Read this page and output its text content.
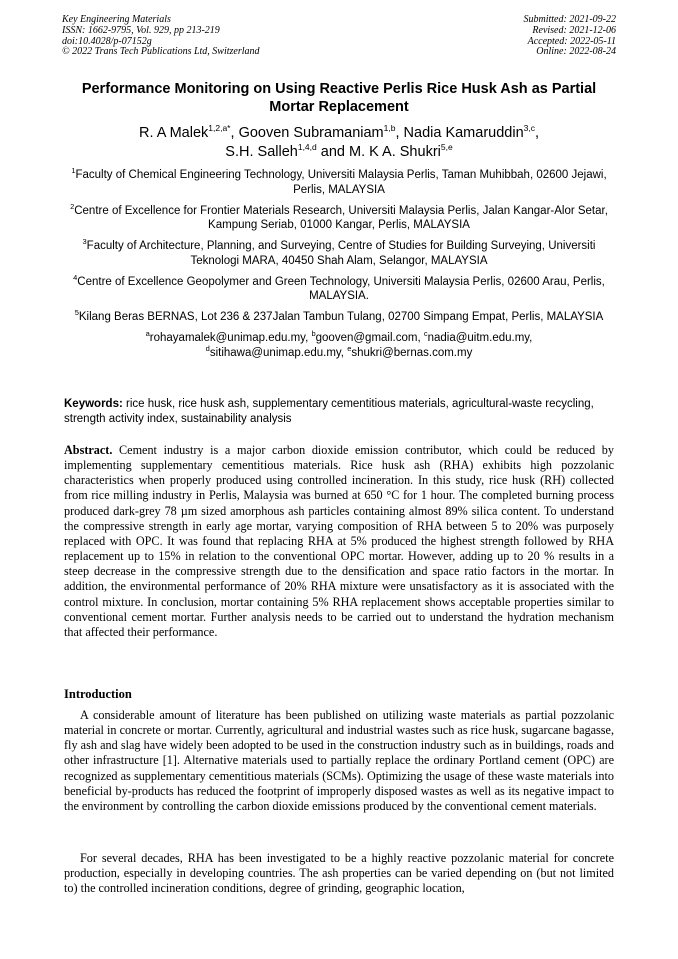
Key Engineering Materials
ISSN: 1662-9795, Vol. 929, pp 213-219
doi:10.4028/p-07152g
© 2022 Trans Tech Publications Ltd, Switzerland
Submitted: 2021-09-22
Revised: 2021-12-06
Accepted: 2022-05-11
Online: 2022-08-24
Performance Monitoring on Using Reactive Perlis Rice Husk Ash as Partial Mortar Replacement
R. A Malek$^{1,2,a*}$, Gooven Subramaniam$^{1,b}$, Nadia Kamaruddin$^{3,c}$,
S.H. Salleh$^{1,4,d}$ and M. K A. Shukri$^{5,e}$
$^1$Faculty of Chemical Engineering Technology, Universiti Malaysia Perlis, Taman Muhibbah, 02600 Jejawi, Perlis, MALAYSIA
$^2$Centre of Excellence for Frontier Materials Research, Universiti Malaysia Perlis, Jalan Kangar-Alor Setar, Kampung Seriab, 01000 Kangar, Perlis, MALAYSIA
$^3$Faculty of Architecture, Planning, and Surveying, Centre of Studies for Building Surveying, Universiti Teknologi MARA, 40450 Shah Alam, Selangor, MALAYSIA
$^4$Centre of Excellence Geopolymer and Green Technology, Universiti Malaysia Perlis, 02600 Arau, Perlis, MALAYSIA.
$^5$Kilang Beras BERNAS, Lot 236 & 237Jalan Tambun Tulang, 02700 Simpang Empat, Perlis, MALAYSIA
$^a$rohayamalek@unimap.edu.my, $^b$gooven@gmail.com, $^c$nadia@uitm.edu.my,
$^d$sitihawa@unimap.edu.my, $^e$shukri@bernas.com.my
Keywords: rice husk, rice husk ash, supplementary cementitious materials, agricultural-waste recycling, strength activity index, sustainability analysis
Abstract. Cement industry is a major carbon dioxide emission contributor, which could be reduced by implementing supplementary cementitious materials. Rice husk ash (RHA) exhibits high pozzolanic characteristics when properly produced using controlled incineration. In this study, rice husk (RH) collected from rice milling industry in Perlis, Malaysia was burned at 650 °C for 1 hour. The completed burning process produced dark-grey 78 µm sized amorphous ash particles containing almost 89% silica content. To understand the compressive strength in early age mortar, varying composition of RHA between 5 to 20% was purposely replaced with OPC. It was found that replacing RHA at 5% produced the highest strength followed by RHA replacement up to 15% in relation to the conventional OPC mortar. However, adding up to 20 % results in a steep decrease in the compressive strength due to the densification and space ratio factors in the mortar. In addition, the environmental performance of 20% RHA mixture were unsatisfactory as it is associated with the control mixture. In conclusion, mortar containing 5% RHA replacement shows acceptable properties similar to conventional cement mortar. Further analysis needs to be carried out to understand the hydration mechanism that affected their performance.
Introduction
A considerable amount of literature has been published on utilizing waste materials as partial pozzolanic material in concrete or mortar. Currently, agricultural and industrial wastes such as rice husk, sugarcane bagasse, fly ash and slag have widely been adopted to be used in the construction industry such as in buildings, roads and other infrastructure [1]. Alternative materials used to partially replace the ordinary Portland cement (OPC) are recognized as supplementary cementitious materials (SCMs). Optimizing the usage of these waste materials into beneficial by-products has reduced the footprint of improperly disposed wastes as well as its negative impact to the environment by controlling the carbon dioxide emissions produced by the conventional cement materials.
For several decades, RHA has been investigated to be a highly reactive pozzolanic material for concrete production, especially in developing countries. The ash properties can be varied depending on (but not limited to) the controlled incineration conditions, degree of grinding, geographic location,
